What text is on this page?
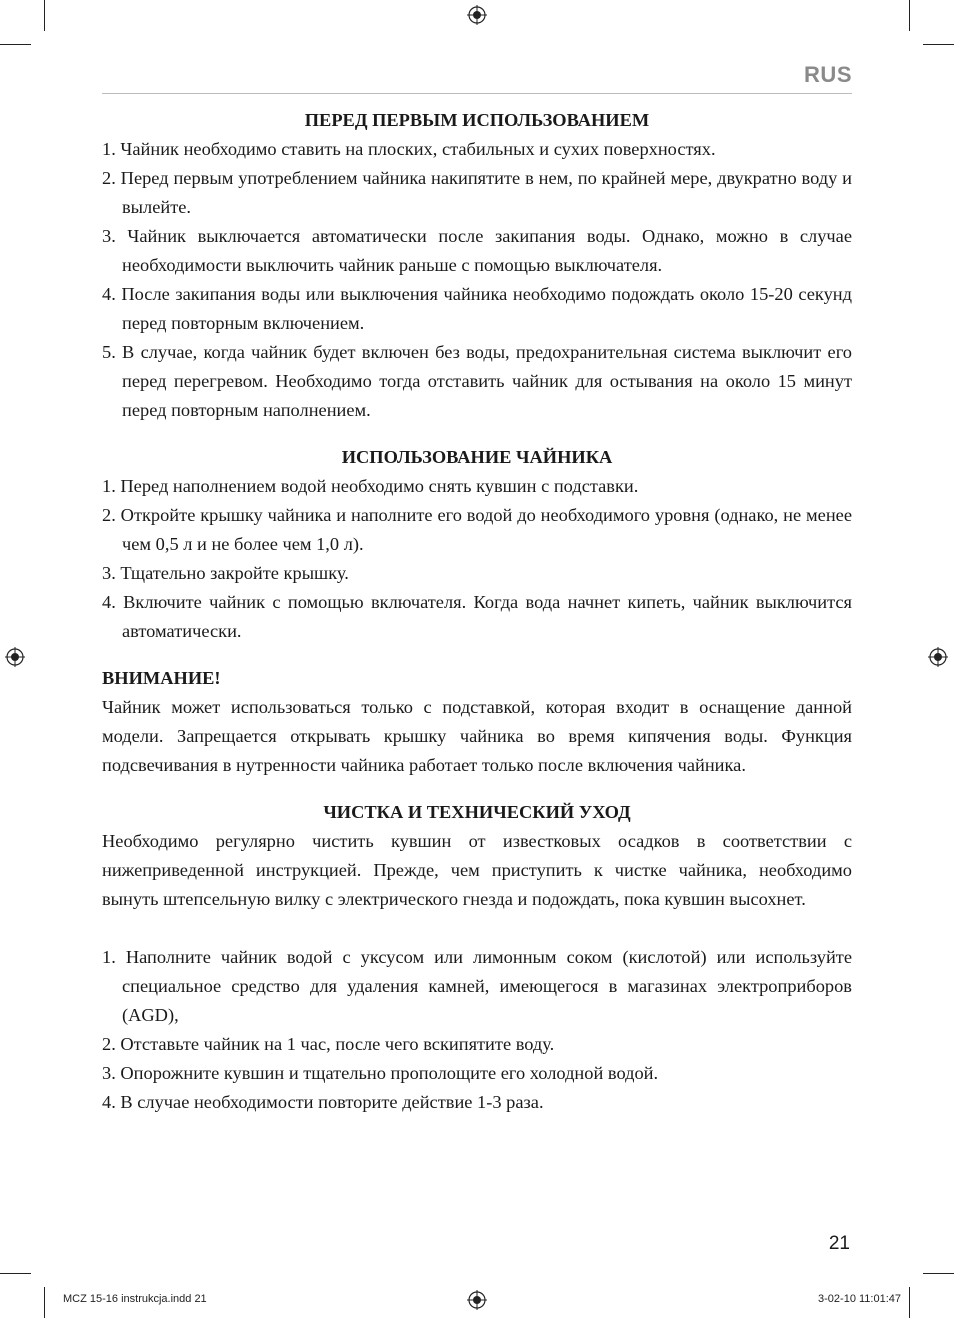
RUS
ПЕРЕД ПЕРВЫМ ИСПОЛЬЗОВАНИЕМ
1. Чайник необходимо ставить на плоских, стабильных и сухих поверхностях.
2. Перед первым употреблением чайника накипятите в нем, по крайней мере, двукратно воду и вылейте.
3. Чайник выключается автоматически после закипания воды. Однако, можно в случае необходимости выключить чайник раньше с помощью выключателя.
4. После закипания воды или выключения чайника необходимо подождать около 15-20 секунд перед повторным включением.
5. В случае, когда чайник будет включен без воды, предохранительная система выключит его перед перегревом. Необходимо тогда отставить чайник для остывания на около 15 минут перед повторным наполнением.
ИСПОЛЬЗОВАНИЕ ЧАЙНИКА
1. Перед наполнением водой необходимо снять кувшин с подставки.
2. Откройте крышку чайника и наполните его водой до необходимого уровня (однако, не менее чем 0,5 л и не более чем 1,0 л).
3. Тщательно закройте крышку.
4. Включите чайник с помощью включателя. Когда вода начнет кипеть, чайник выключится автоматически.
ВНИМАНИЕ!

Чайник может использоваться только с подставкой, которая входит в оснащение данной модели. Запрещается открывать крышку чайника во время кипячения воды. Функция подсвечивания в нутренности чайника работает только после включения чайника.

ЧИСТКА И ТЕХНИЧЕСКИЙ УХОД

Необходимо регулярно чистить кувшин от известковых осадков в соответствии с нижеприведенной инструкцией. Прежде, чем приступить к чистке чайника, необходимо вынуть штепсельную вилку с электрического гнезда и подождать, пока кувшин высохнет.

1. Наполните чайник водой с уксусом или лимонным соком (кислотой) или используйте специальное средство для удаления камней, имеющегося в магазинах электроприборов (AGD),
2. Отставьте чайник на 1 час, после чего вскипятите воду.
3. Опорожните кувшин и тщательно прополощите его холодной водой.
4. В случае необходимости повторите действие 1-3 раза.
21
MCZ 15-16 instrukcja.indd 21	3-02-10 11:01:47
